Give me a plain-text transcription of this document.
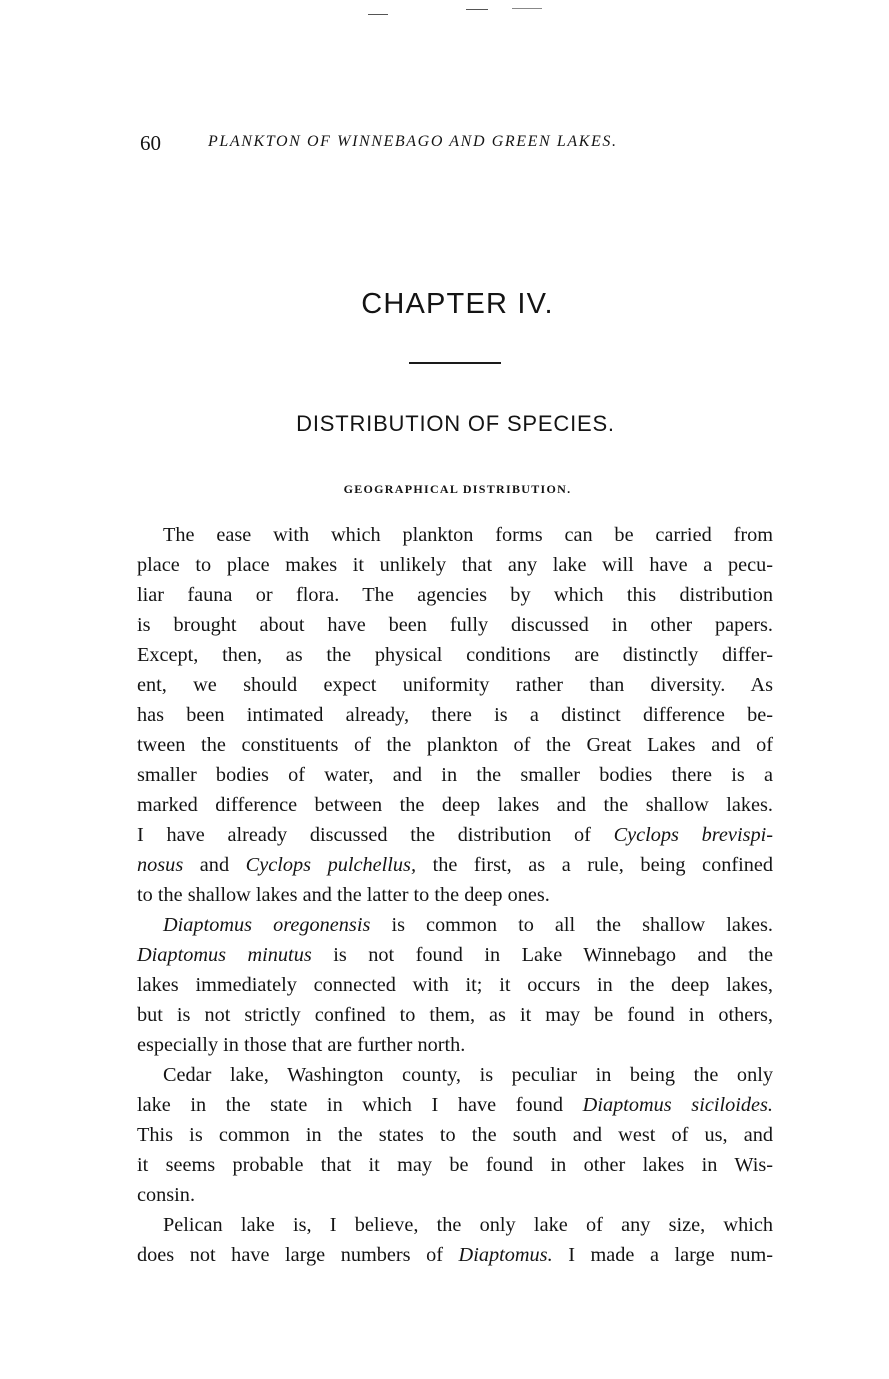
60	PLANKTON OF WINNEBAGO AND GREEN LAKES.
CHAPTER IV.
DISTRIBUTION OF SPECIES.
GEOGRAPHICAL DISTRIBUTION.
The ease with which plankton forms can be carried from
place to place makes it unlikely that any lake will have a pecu-
liar fauna or flora. The agencies by which this distribution
is brought about have been fully discussed in other papers.
Except, then, as the physical conditions are distinctly differ-
ent, we should expect uniformity rather than diversity. As
has been intimated already, there is a distinct difference be-
tween the constituents of the plankton of the Great Lakes and of
smaller bodies of water, and in the smaller bodies there is a
marked difference between the deep lakes and the shallow lakes.
I have already discussed the distribution of Cyclops brevispi-
nosus and Cyclops pulchellus, the first, as a rule, being confined
to the shallow lakes and the latter to the deep ones.
Diaptomus oregonensis is common to all the shallow lakes.
Diaptomus minutus is not found in Lake Winnebago and the
lakes immediately connected with it; it occurs in the deep lakes,
but is not strictly confined to them, as it may be found in others,
especially in those that are further north.
Cedar lake, Washington county, is peculiar in being the only
lake in the state in which I have found Diaptomus siciloides.
This is common in the states to the south and west of us, and
it seems probable that it may be found in other lakes in Wis-
consin.
Pelican lake is, I believe, the only lake of any size, which
does not have large numbers of Diaptomus. I made a large num-
